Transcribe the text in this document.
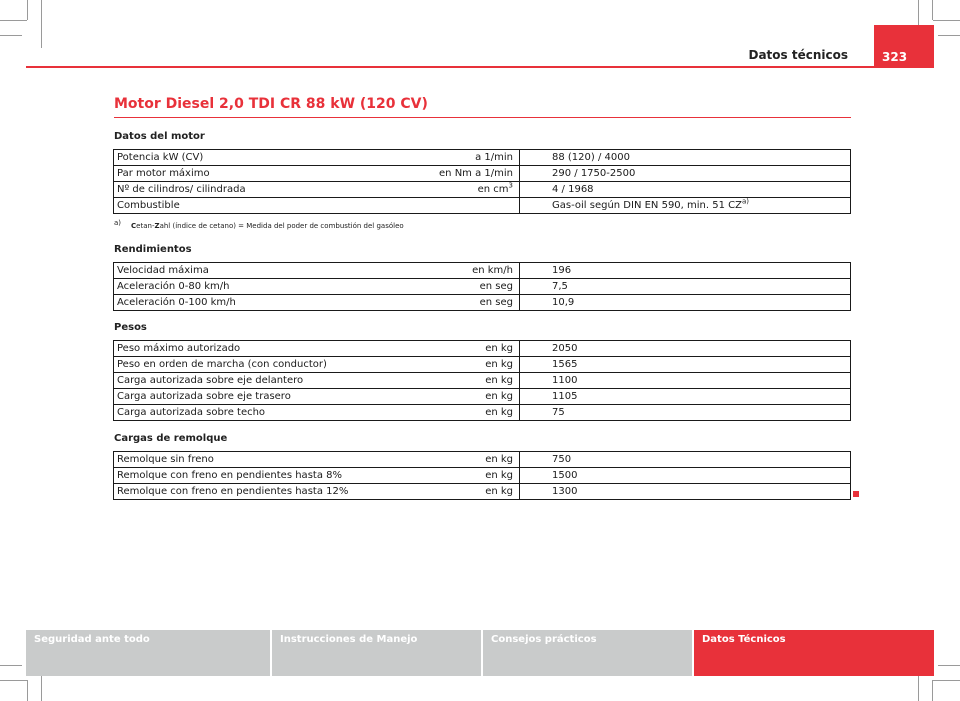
Datos técnicos	323
Motor Diesel 2,0 TDI CR 88 kW (120 CV)
Datos del motor
Potencia kW (CV)	a 1/min	88 (120) / 4000
Par motor máximo	en Nm a 1/min	290 / 1750-2500
Nº de cilindros/ cilindrada	en $cm^3$	4 / 1968
Combustible		Gas-oil según DIN EN 590, min. 51 CZ$^{a)}$
$^{a)}$ Cetan-Zahl (índice de cetano) = Medida del poder de combustión del gasóleo
Rendimientos
Velocidad máxima	en km/h	196
Aceleración 0-80 km/h	en seg	7,5
Aceleración 0-100 km/h	en seg	10,9
Pesos
Peso máximo autorizado	en kg	2050
Peso en orden de marcha (con conductor)	en kg	1565
Carga autorizada sobre eje delantero	en kg	1100
Carga autorizada sobre eje trasero	en kg	1105
Carga autorizada sobre techo	en kg	75
Cargas de remolque
Remolque sin freno	en kg	750
Remolque con freno en pendientes hasta 8%	en kg	1500
Remolque con freno en pendientes hasta 12%	en kg	1300
Seguridad ante todo	Instrucciones de Manejo	Consejos prácticos	Datos Técnicos
